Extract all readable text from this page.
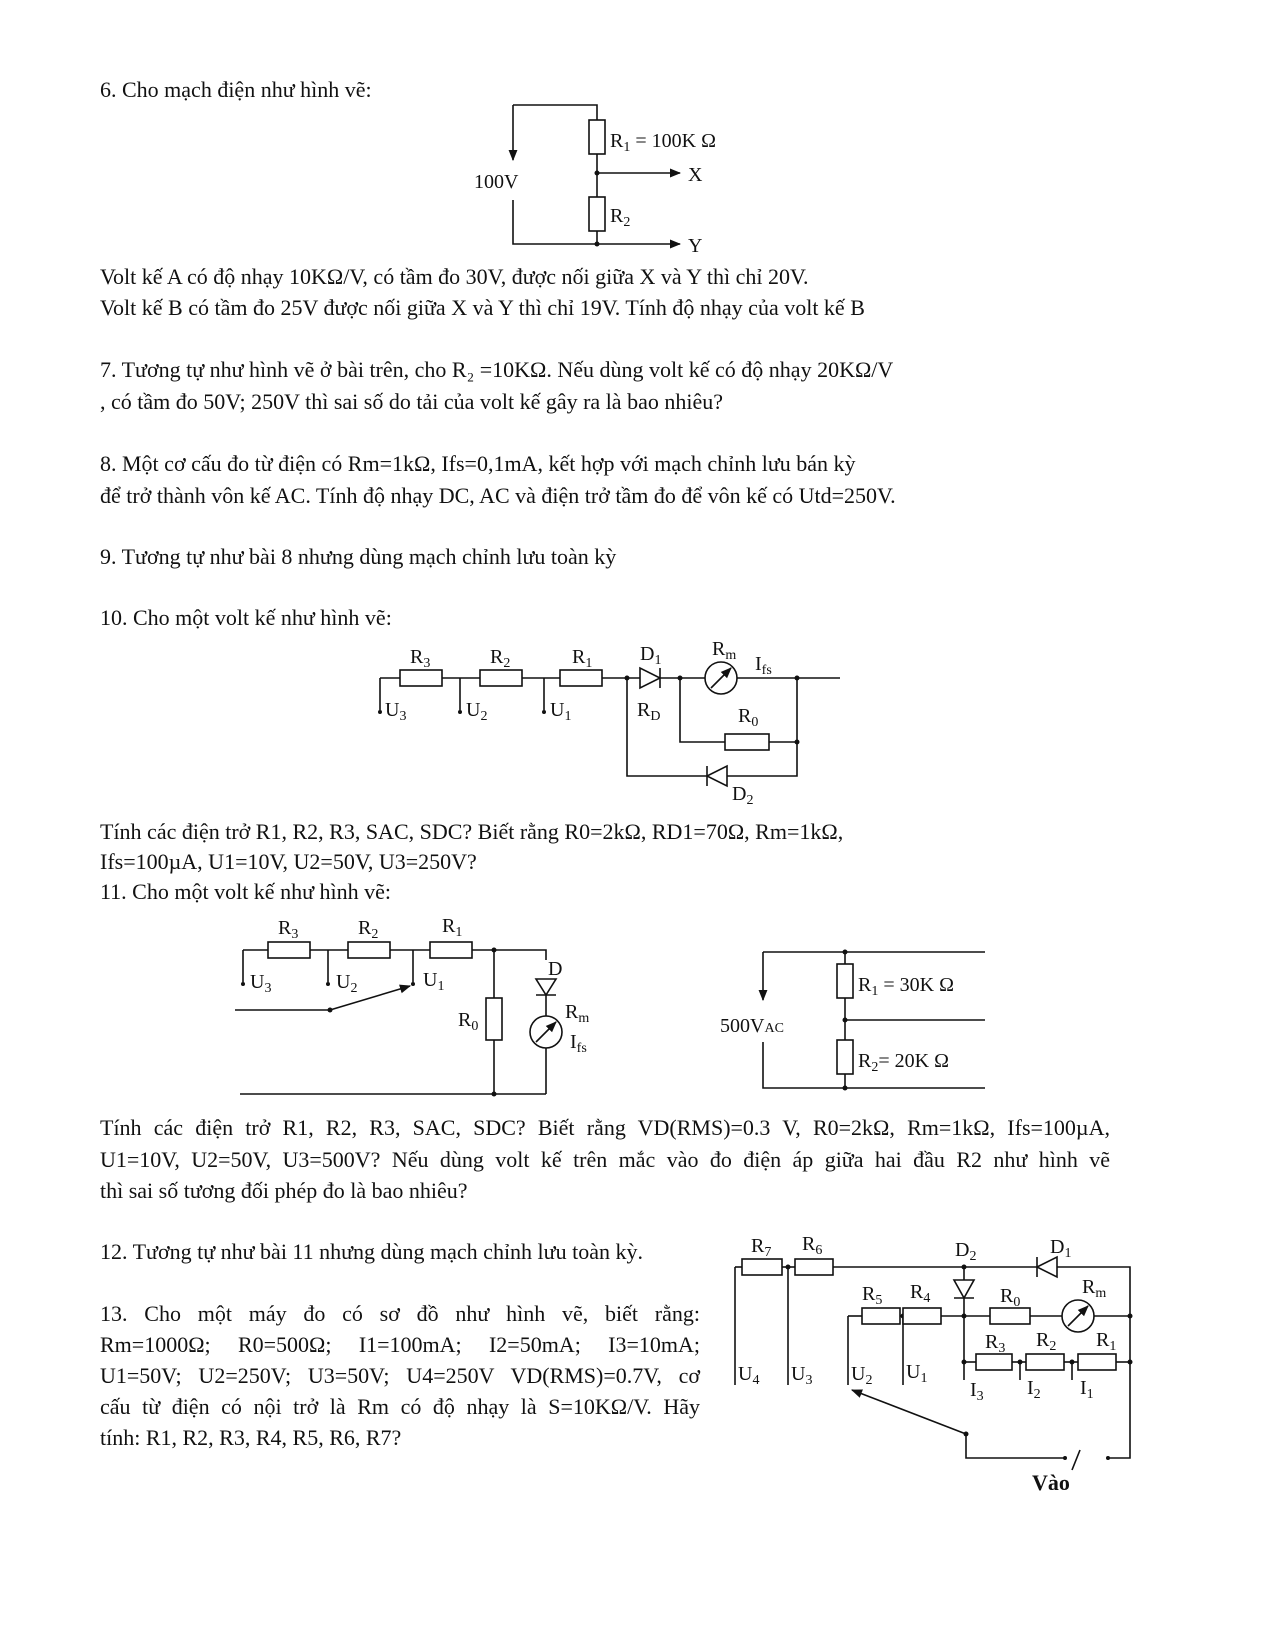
6. Cho mạch điện như hình vẽ:
Volt kế A có độ nhạy 10KΩ/V, có tầm đo 30V, được nối giữa X và Y thì chỉ 20V.
Volt kế B có tầm đo 25V được nối giữa X và Y thì chỉ 19V. Tính độ nhạy của volt kế B
7. Tương tự như hình vẽ ở bài trên, cho R₂ =10KΩ. Nếu dùng volt kế có độ nhạy 20KΩ/V
, có tầm đo 50V; 250V thì sai số do tải của volt kế gây ra là bao nhiêu?
8. Một cơ cấu đo từ điện có Rm=1kΩ, Ifs=0,1mA, kết hợp với mạch chỉnh lưu bán kỳ
để trở thành vôn kế AC. Tính độ nhạy DC, AC và điện trở tầm đo để vôn kế có Utd=250V.
9. Tương tự như bài 8 nhưng dùng mạch chỉnh lưu toàn kỳ
10. Cho một volt kế như hình vẽ:
Tính các điện trở R1, R2, R3, SAC, SDC? Biết rằng R0=2kΩ, RD1=70Ω, Rm=1kΩ,
Ifs=100µA, U1=10V, U2=50V, U3=250V?
11. Cho một volt kế như hình vẽ:
Tính các điện trở R1, R2, R3, SAC, SDC? Biết rằng VD(RMS)=0.3 V, R0=2kΩ, Rm=1kΩ, Ifs=100µA,
U1=10V, U2=50V, U3=500V? Nếu dùng volt kế trên mắc vào đo điện áp giữa hai đầu R2 như hình vẽ
thì sai số tương đối phép đo là bao nhiêu?
12. Tương tự như bài 11 nhưng dùng mạch chỉnh lưu toàn kỳ.
13. Cho một máy đo có sơ đồ như hình vẽ, biết rằng:
Rm=1000Ω; R0=500Ω; I1=100mA; I2=50mA; I3=10mA;
U1=50V; U2=250V; U3=50V; U4=250V VD(RMS)=0.7V, cơ
cấu từ điện có nội trở là Rm có độ nhạy là S=10KΩ/V. Hãy
tính: R1, R2, R3, R4, R5, R6, R7?
100V
$R_1 = 100K$ Ω
$R_2$
X
Y
$R_3$	$R_2$	$R_1$ $D_1$
$R_m$ $I_{fs}$
$R_D$	$R_0$
$D_2$
$U_3$	$U_2$	$U_1$
$R_3$	$R_2$	$R_1$
D
$R_0$
$R_m$
$I_{fs}$
$U_3$	$U_2$	$U_1$
500VAC
$R_1 = 30K$ Ω
$R_2= 20K$ Ω
$R_7$ $R_6$	$D_2$	$D_1$
$R_5$ $R_4$	$R_0$
$R_m$
$R_3$ $R_2$ $R_1$
$U_4$ $U_3$ $U_2$ $U_1$
$I_3$ $I_2$ $I_1$
Vào
